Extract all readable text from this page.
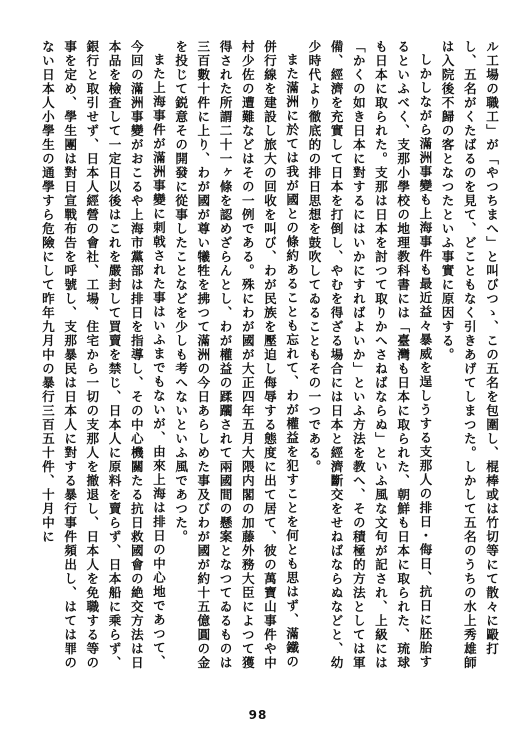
ル工場の職工」が「やつちまへ」と叫びつゝ、この五名を包圍し、棍棒或は竹切等にて散々に毆打し、五名がくたばるのを見て、どこともなく引きあげてしまつた。しかして五名のうちの水上秀雄師は入院後不歸の客となつたといふ事實に原因する。

しかしながら滿洲事變も上海事件も最近益々暴威を逞しうする支那人の排日・侮日、抗日に胚胎するといふべく、支那小學校の地理教科書には「臺灣も日本に取られた、朝鮮も日本に取られた、琉球も日本に取られた。支那は日本を討つて取りかへさねばならぬ」といふ風な文句が記され、上級には「かくの如き日本に對するにはいかにすればよいか」といふ方法を教へ、その積極的方法としては軍備、經濟を充實して日本を打倒し、やむを得ざる場合には日本と經濟斷交をせねばならぬなどと、幼少時代より徹底的の排日思想を鼓吹してゐることもその一つである。

また滿洲に於ては我が國との條約あることも忘れて、わが權益を犯すことを何とも思はず、滿鐵の併行線を建設し旅大の回收を叫び、わが民族を壓迫し侮辱する態度に出て居て、彼の萬寶山事件や中村少佐の遭難などはその一例である。殊にわが國が大正四年五月大隈内閣の加藤外務大臣によつて獲得された所謂二十一ヶ條を認めざらんとし、わが權益の蹂躙されて兩國間の懸案となつてゐるものは三百數十件に上り、わが國が尊い犧牲を拂つて滿洲の今日あらしめた事及びわが國が約十五億圓の金を投じて鋭意その開發に從事したことなどを少しも考へないといふ風であつた。

また上海事件が滿洲事變に刺戟された事はいふまでもないが、由來上海は排日の中心地であつて、今回の滿洲事變がおこるや上海市黨部は排日を指導し、その中心機關たる抗日救國會の絶交方法は日本品を檢査して一定日以後はこれを嚴封して買賣を禁じ、日本人に原料を賣らず、日本船に乘らず、銀行と取引せず、日本人經營の會社、工場、住宅から一切の支那人を撤退し、日本人を免職する等の事を定め、學生團は對日宣戰布告を呼號し、支那暴民は日本人に對する暴行事件頻出し、はては罪のない日本人小學生の通學すら危險にして昨年九月中の暴行三百五十件、十月中に

98
